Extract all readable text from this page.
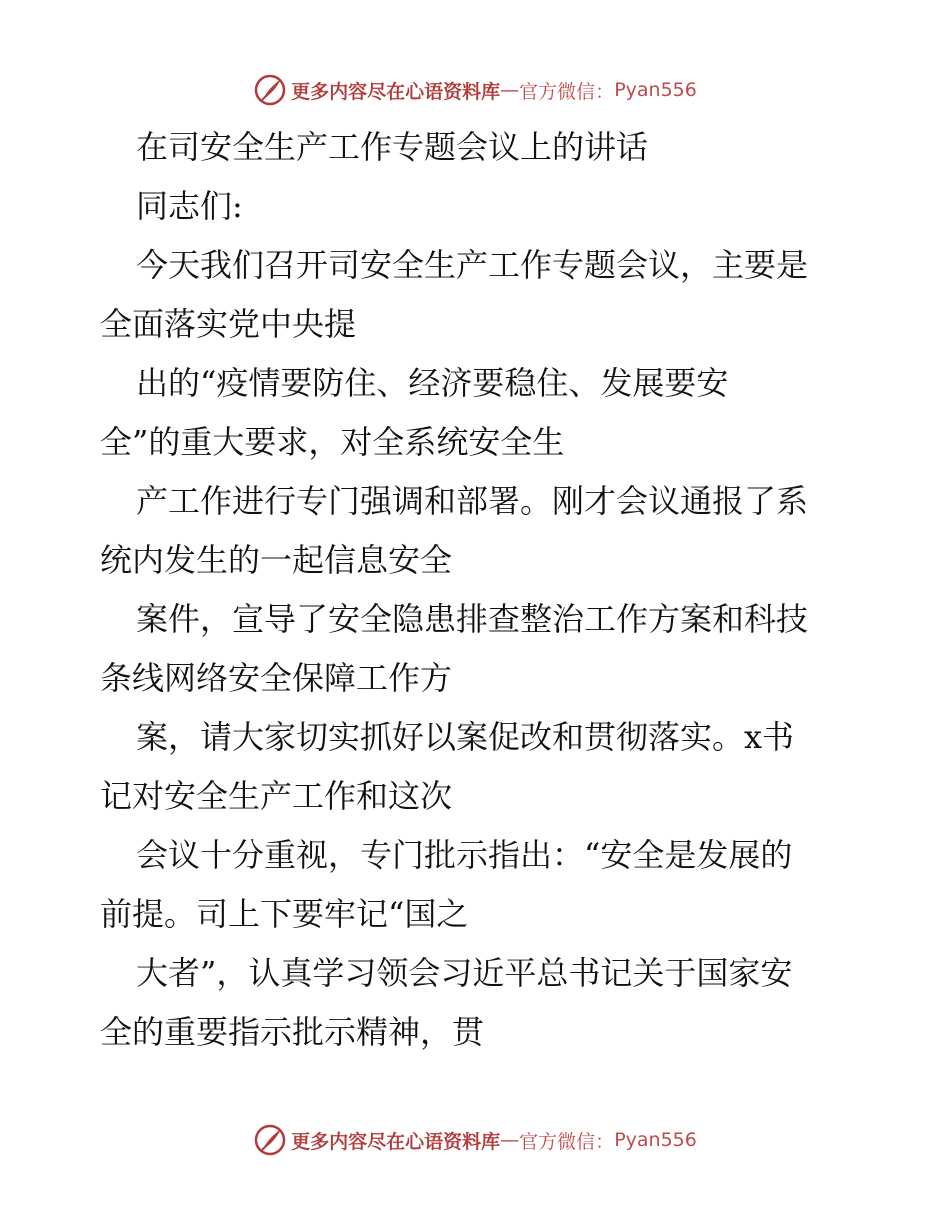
更多内容尽在心语资料库 — 官方微信： Pyan556
在司安全生产工作专题会议上的讲话
同志们:
今天我们召开司安全生产工作专题会议，主要是
全面落实党中央提
出的“疫情要防住、经济要稳住、发展要安
全”的重大要求，对全系统安全生
产工作进行专门强调和部署。刚才会议通报了系
统内发生的一起信息安全
案件，宣导了安全隐患排查整治工作方案和科技
条线网络安全保障工作方
案，请大家切实抓好以案促改和贯彻落实。x书
记对安全生产工作和这次
会议十分重视，专门批示指出：“安全是发展的
前提。司上下要牢记“国之
大者”，认真学习领会习近平总书记关于国家安
全的重要指示批示精神，贯
更多内容尽在心语资料库 — 官方微信： Pyan556
